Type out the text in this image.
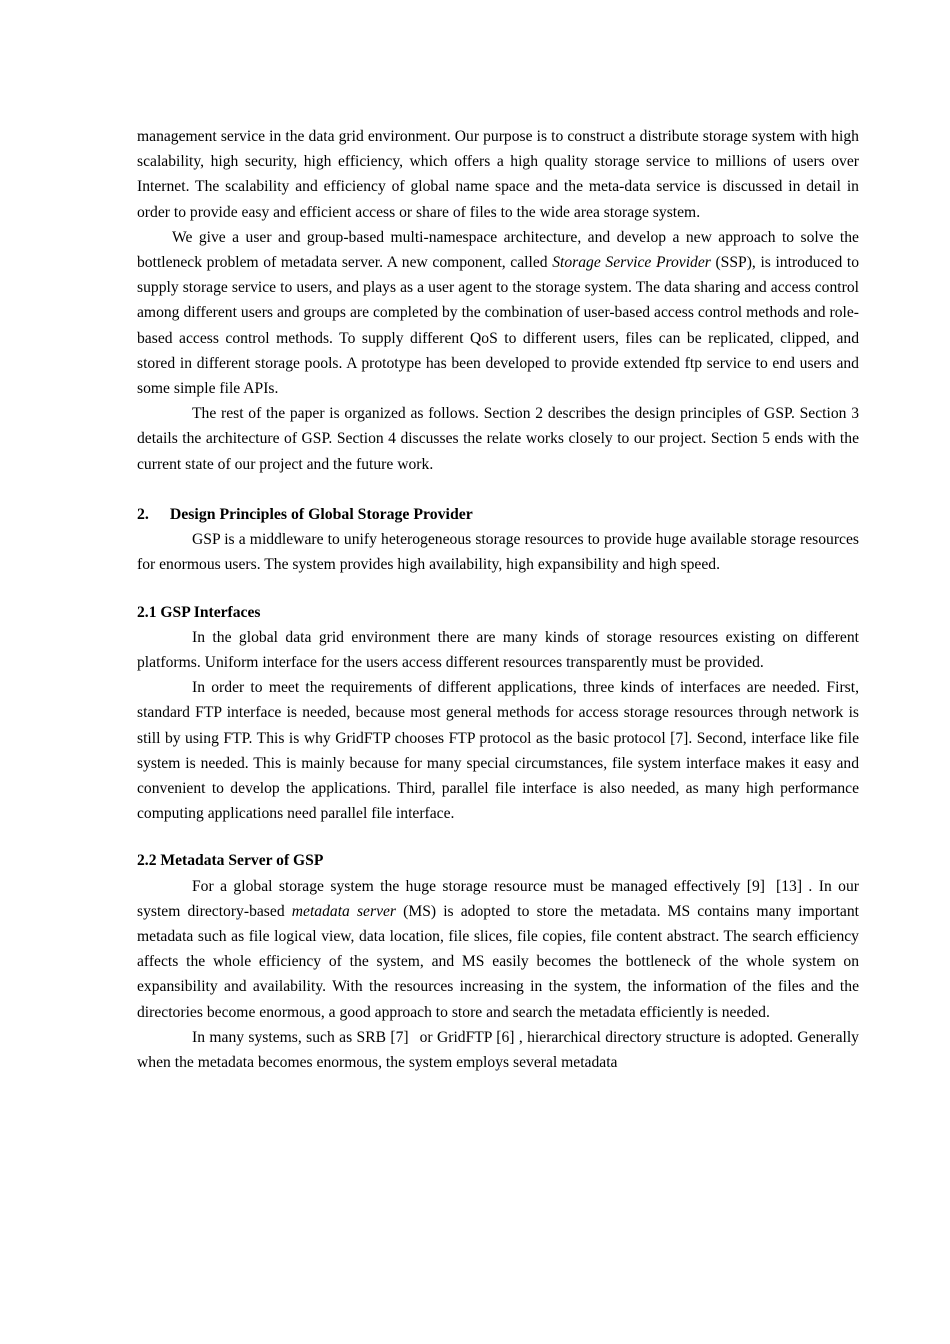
management service in the data grid environment. Our purpose is to construct a distribute storage system with high scalability, high security, high efficiency, which offers a high quality storage service to millions of users over Internet. The scalability and efficiency of global name space and the meta-data service is discussed in detail in order to provide easy and efficient access or share of files to the wide area storage system.

We give a user and group-based multi-namespace architecture, and develop a new approach to solve the bottleneck problem of metadata server. A new component, called Storage Service Provider (SSP), is introduced to supply storage service to users, and plays as a user agent to the storage system. The data sharing and access control among different users and groups are completed by the combination of user-based access control methods and role-based access control methods. To supply different QoS to different users, files can be replicated, clipped, and stored in different storage pools. A prototype has been developed to provide extended ftp service to end users and some simple file APIs.

The rest of the paper is organized as follows. Section 2 describes the design principles of GSP. Section 3 details the architecture of GSP. Section 4 discusses the relate works closely to our project. Section 5 ends with the current state of our project and the future work.

2. Design Principles of Global Storage Provider

GSP is a middleware to unify heterogeneous storage resources to provide huge available storage resources for enormous users. The system provides high availability, high expansibility and high speed.

2.1 GSP Interfaces

In the global data grid environment there are many kinds of storage resources existing on different platforms. Uniform interface for the users access different resources transparently must be provided.

In order to meet the requirements of different applications, three kinds of interfaces are needed. First, standard FTP interface is needed, because most general methods for access storage resources through network is still by using FTP. This is why GridFTP chooses FTP protocol as the basic protocol [7]. Second, interface like file system is needed. This is mainly because for many special circumstances, file system interface makes it easy and convenient to develop the applications. Third, parallel file interface is also needed, as many high performance computing applications need parallel file interface.

2.2 Metadata Server of GSP

For a global storage system the huge storage resource must be managed effectively [9] [13] . In our system directory-based metadata server (MS) is adopted to store the metadata. MS contains many important metadata such as file logical view, data location, file slices, file copies, file content abstract. The search efficiency affects the whole efficiency of the system, and MS easily becomes the bottleneck of the whole system on expansibility and availability. With the resources increasing in the system, the information of the files and the directories become enormous, a good approach to store and search the metadata efficiently is needed.

In many systems, such as SRB [7] or GridFTP [6] , hierarchical directory structure is adopted. Generally when the metadata becomes enormous, the system employs several metadata
